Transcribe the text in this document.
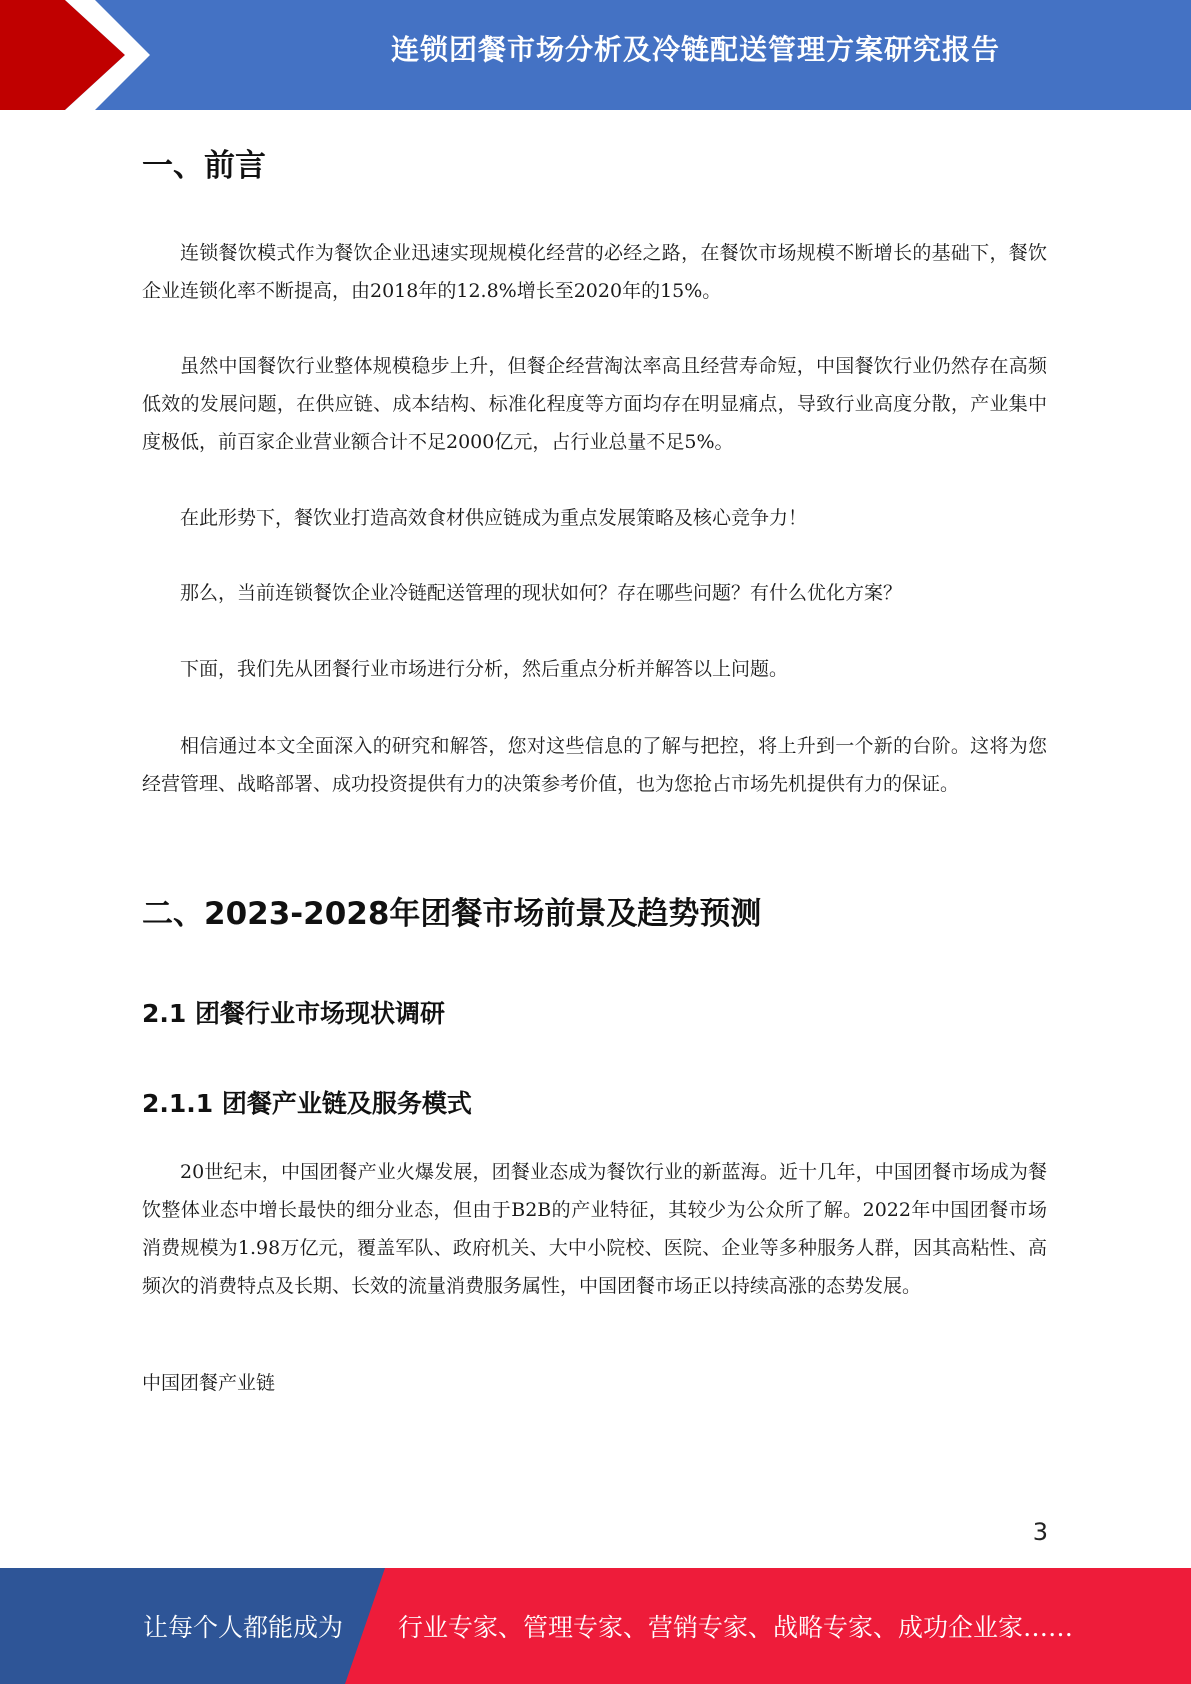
连锁团餐市场分析及冷链配送管理方案研究报告
一、前言

连锁餐饮模式作为餐饮企业迅速实现规模化经营的必经之路，在餐饮市场规模不断增长的基础下，餐饮企业连锁化率不断提高，由2018年的12.8%增长至2020年的15%。

虽然中国餐饮行业整体规模稳步上升，但餐企经营淘汰率高且经营寿命短，中国餐饮行业仍然存在高频低效的发展问题，在供应链、成本结构、标准化程度等方面均存在明显痛点，导致行业高度分散，产业集中度极低，前百家企业营业额合计不足2000亿元，占行业总量不足5%。

在此形势下，餐饮业打造高效食材供应链成为重点发展策略及核心竞争力！

那么，当前连锁餐饮企业冷链配送管理的现状如何？存在哪些问题？有什么优化方案？

下面，我们先从团餐行业市场进行分析，然后重点分析并解答以上问题。

相信通过本文全面深入的研究和解答，您对这些信息的了解与把控，将上升到一个新的台阶。这将为您经营管理、战略部署、成功投资提供有力的决策参考价值，也为您抢占市场先机提供有力的保证。

二、2023-2028年团餐市场前景及趋势预测
2.1 团餐行业市场现状调研
2.1.1 团餐产业链及服务模式

20世纪末，中国团餐产业火爆发展，团餐业态成为餐饮行业的新蓝海。近十几年，中国团餐市场成为餐饮整体业态中增长最快的细分业态，但由于B2B的产业特征，其较少为公众所了解。2022年中国团餐市场消费规模为1.98万亿元，覆盖军队、政府机关、大中小院校、医院、企业等多种服务人群，因其高粘性、高频次的消费特点及长期、长效的流量消费服务属性，中国团餐市场正以持续高涨的态势发展。

中国团餐产业链

3
让每个人都能成为 行业专家、管理专家、营销专家、战略专家、成功企业家……
